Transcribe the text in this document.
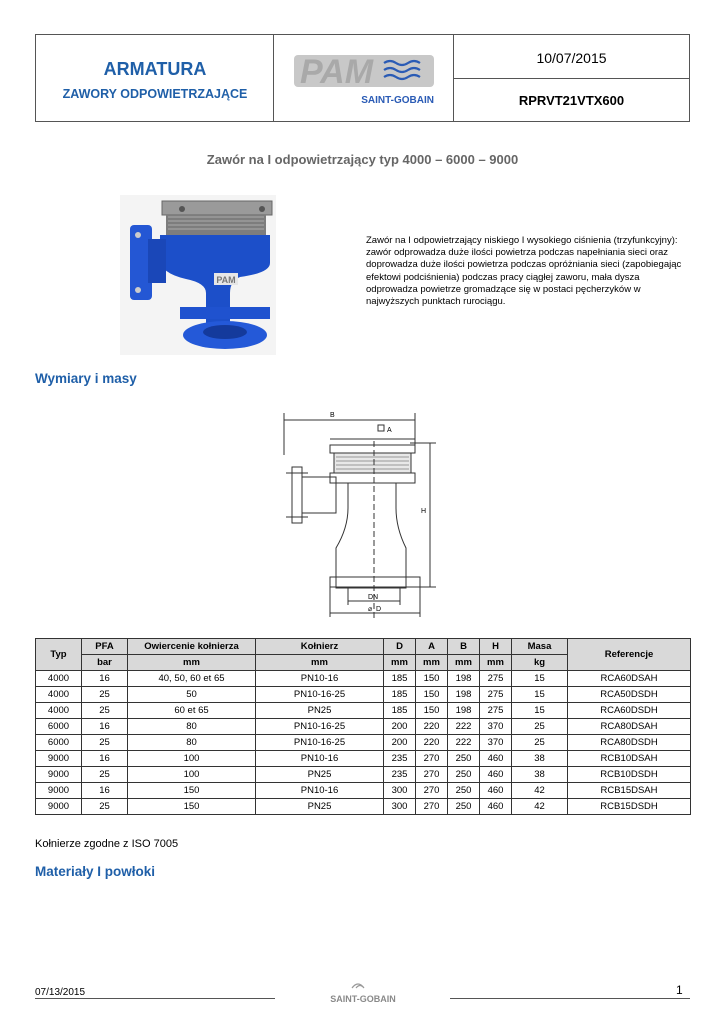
ARMATURA
ZAWORY ODPOWIETRZAJĄCE
PAM
SAINT-GOBAIN
10/07/2015
RPRVT21VTX600
Zawór na I odpowietrzający typ 4000 – 6000 – 9000
PAM
Zawór na I odpowietrzający niskiego I wysokiego ciśnienia (trzyfunkcyjny): zawór odprowadza duże ilości powietrza podczas napełniania sieci oraz doprowadza duże ilości powietrza podczas opróżniania sieci (zapobiegając efektowi podciśnienia) podczas pracy ciągłej zaworu, mała dysza odprowadza powietrze gromadzące się w postaci pęcherzyków w najwyższych punktach rurociągu.
Wymiary i masy
B
A
H
DN
⌀ D
Typ	PFA	Owiercenie kołnierza	Kołnierz	D	A	B	H	Masa	Referencje
	bar	mm	mm	mm	mm	mm	mm	kg	
4000	16	40, 50, 60 et 65	PN10-16	185	150	198	275	15	RCA60DSAH
4000	25	50	PN10-16-25	185	150	198	275	15	RCA50DSDH
4000	25	60 et 65	PN25	185	150	198	275	15	RCA60DSDH
6000	16	80	PN10-16-25	200	220	222	370	25	RCA80DSAH
6000	25	80	PN10-16-25	200	220	222	370	25	RCA80DSDH
9000	16	100	PN10-16	235	270	250	460	38	RCB10DSAH
9000	25	100	PN25	235	270	250	460	38	RCB10DSDH
9000	16	150	PN10-16	300	270	250	460	42	RCB15DSAH
9000	25	150	PN25	300	270	250	460	42	RCB15DSDH
Kołnierze zgodne z ISO 7005
Materiały I powłoki
07/13/2015
SAINT-GOBAIN
1
